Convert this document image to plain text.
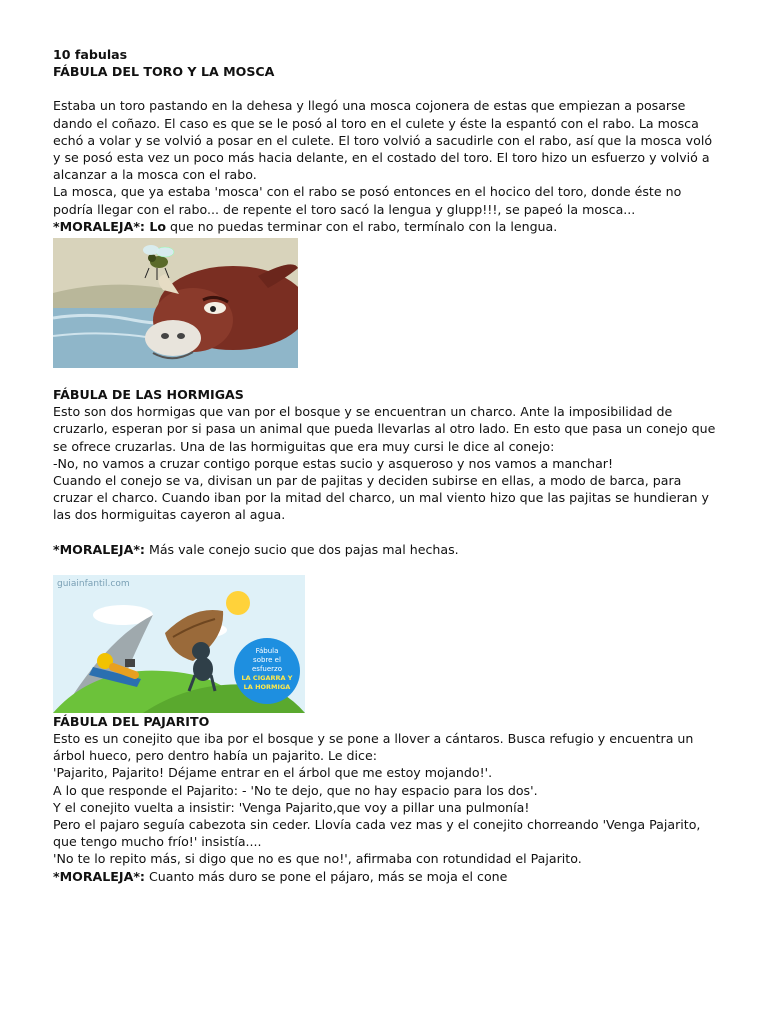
10 fabulas

FÁBULA DEL TORO Y LA MOSCA

Estaba un toro pastando en la dehesa y llegó una mosca cojonera de estas que empiezan a posarse dando el coñazo. El caso es que se le posó al toro en el culete y éste la espantó con el rabo. La mosca echó a volar y se volvió a posar en el culete. El toro volvió a sacudirle con el rabo, así que la mosca voló y se posó esta vez un poco más hacia delante, en el costado del toro. El toro hizo un esfuerzo y volvió a alcanzar a la mosca con el rabo.

La mosca, que ya estaba 'mosca' con el rabo se posó entonces en el hocico del toro, donde éste no podría llegar con el rabo... de repente el toro sacó la lengua y glupp!!!, se papeó la mosca...

*MORALEJA*: Lo que no puedas terminar con el rabo, termínalo con la lengua.

FÁBULA DE LAS HORMIGAS

Esto son dos hormigas que van por el bosque y se encuentran un charco. Ante la imposibilidad de cruzarlo, esperan por si pasa un animal que pueda llevarlas al otro lado. En esto que pasa un conejo que se ofrece cruzarlas. Una de las hormiguitas que era muy cursi le dice al conejo:

-No, no vamos a cruzar contigo porque estas sucio y asqueroso y nos vamos a manchar!

Cuando el conejo se va, divisan un par de pajitas y deciden subirse en ellas, a modo de barca, para cruzar el charco. Cuando iban por la mitad del charco, un mal viento hizo que las pajitas se hundieran y las dos hormiguitas cayeron al agua.

*MORALEJA*: Más vale conejo sucio que dos pajas mal hechas.

guiainfantil.com
Fábula
sobre el
esfuerzo
LA CIGARRA Y
LA HORMIGA

FÁBULA DEL PAJARITO

Esto es un conejito que iba por el bosque y se pone a llover a cántaros. Busca refugio y encuentra un árbol hueco, pero dentro había un pajarito. Le dice:

'Pajarito, Pajarito! Déjame entrar en el árbol que me estoy mojando!'.

A lo que responde el Pajarito: - 'No te dejo, que no hay espacio para los dos'.

Y el conejito vuelta a insistir: 'Venga Pajarito,que voy a pillar una pulmonía!

Pero el pajaro seguía cabezota sin ceder. Llovía cada vez mas y el conejito chorreando 'Venga Pajarito, que tengo mucho frío!' insistía....

'No te lo repito más, si digo que no es que no!', afirmaba con rotundidad el Pajarito.

*MORALEJA*: Cuanto más duro se pone el pájaro, más se moja el cone
